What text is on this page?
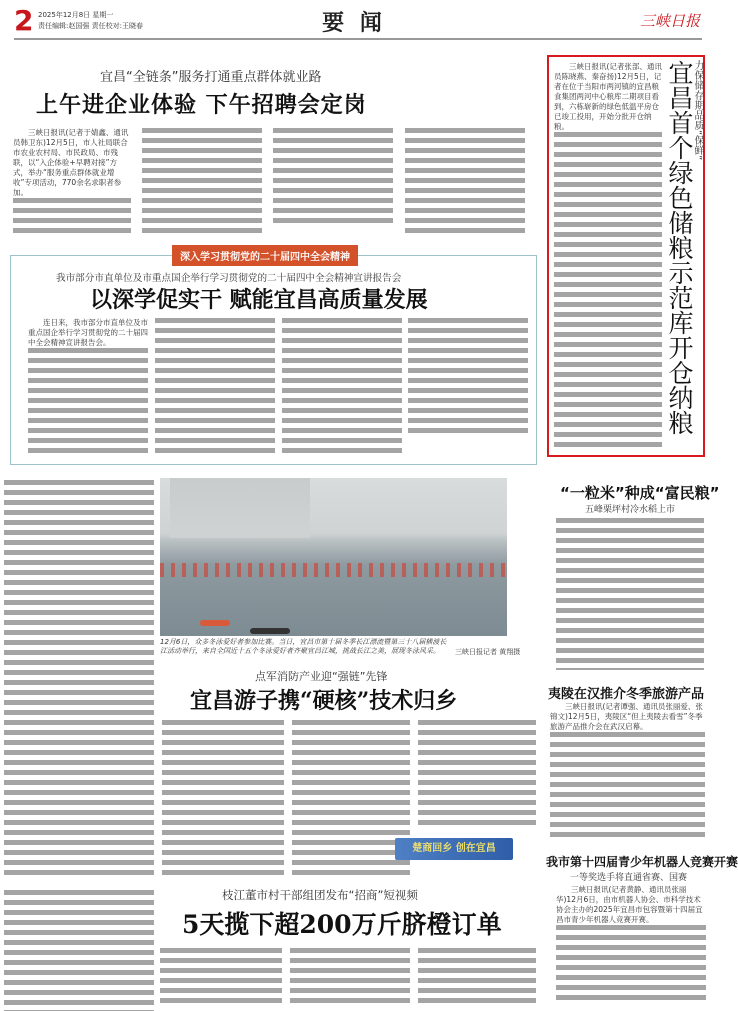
2 2025年12月8日 星期一
责任编辑:赵国强 责任校对:王晓春	要 闻	三峡日报
宜昌“全链条”服务打通重点群体就业路
上午进企业体验 下午招聘会定岗
三峡日报讯(记者于婧鑫、通讯员韩卫东)12月5日，市人社局联合市农业农村局、市民政局、市残联，以“入企体验+早聘对接”方式，举办“服务重点群体就业增收”专项活动，770余名求职者参加。
三峡日报讯(记者张部、通讯员陈晓燕、秦奋扬)12月5日，记者在位于当阳市两河镇的宜昌粮食集团两河中心粮库二期项目看到，六栋崭新的绿色低温平房仓已竣工投用，开始分批开仓纳粮。	宜昌首个绿色储粮示范库开仓纳粮
力保储存期品质“保鲜”
深入学习贯彻党的二十届四中全会精神
我市部分市直单位及市重点国企举行学习贯彻党的二十届四中全会精神宣讲报告会
以深学促实干 赋能宜昌高质量发展
连日来，我市部分市直单位及市重点国企举行学习贯彻党的二十届四中全会精神宣讲报告会。
12月6日，众多冬泳爱好者参加比赛。当日，宜昌市第十届冬季长江漂流暨第三十八届横渡长江活动举行，来自全国近十五个冬泳爱好者齐聚宜昌江城，挑战长江之美，展现冬泳风采。	三峡日报记者 黄翔摄
点军消防产业迎“强链”先锋
宜昌游子携“硬核”技术归乡
楚商回乡 创在宜昌
“一粒米”种成“富民粮”
五峰栗坪村冷水稻上市
夷陵在汉推介冬季旅游产品
三峡日报讯(记者谭强、通讯员张丽爱、张锦文)12月5日，夷陵区“但上夷陵去看雪”冬季旅游产品推介会在武汉启幕。
我市第十四届青少年机器人竞赛开赛
一等奖选手将直通省赛、国赛
三峡日报讯(记者黄静、通讯员张丽华)12月6日，由市机器人协会、市科学技术协会主办的2025年宜昌市包容暨第十四届宜昌市青少年机器人竞赛开赛。
枝江董市村干部组团发布“招商”短视频
5天揽下超200万斤脐橙订单
